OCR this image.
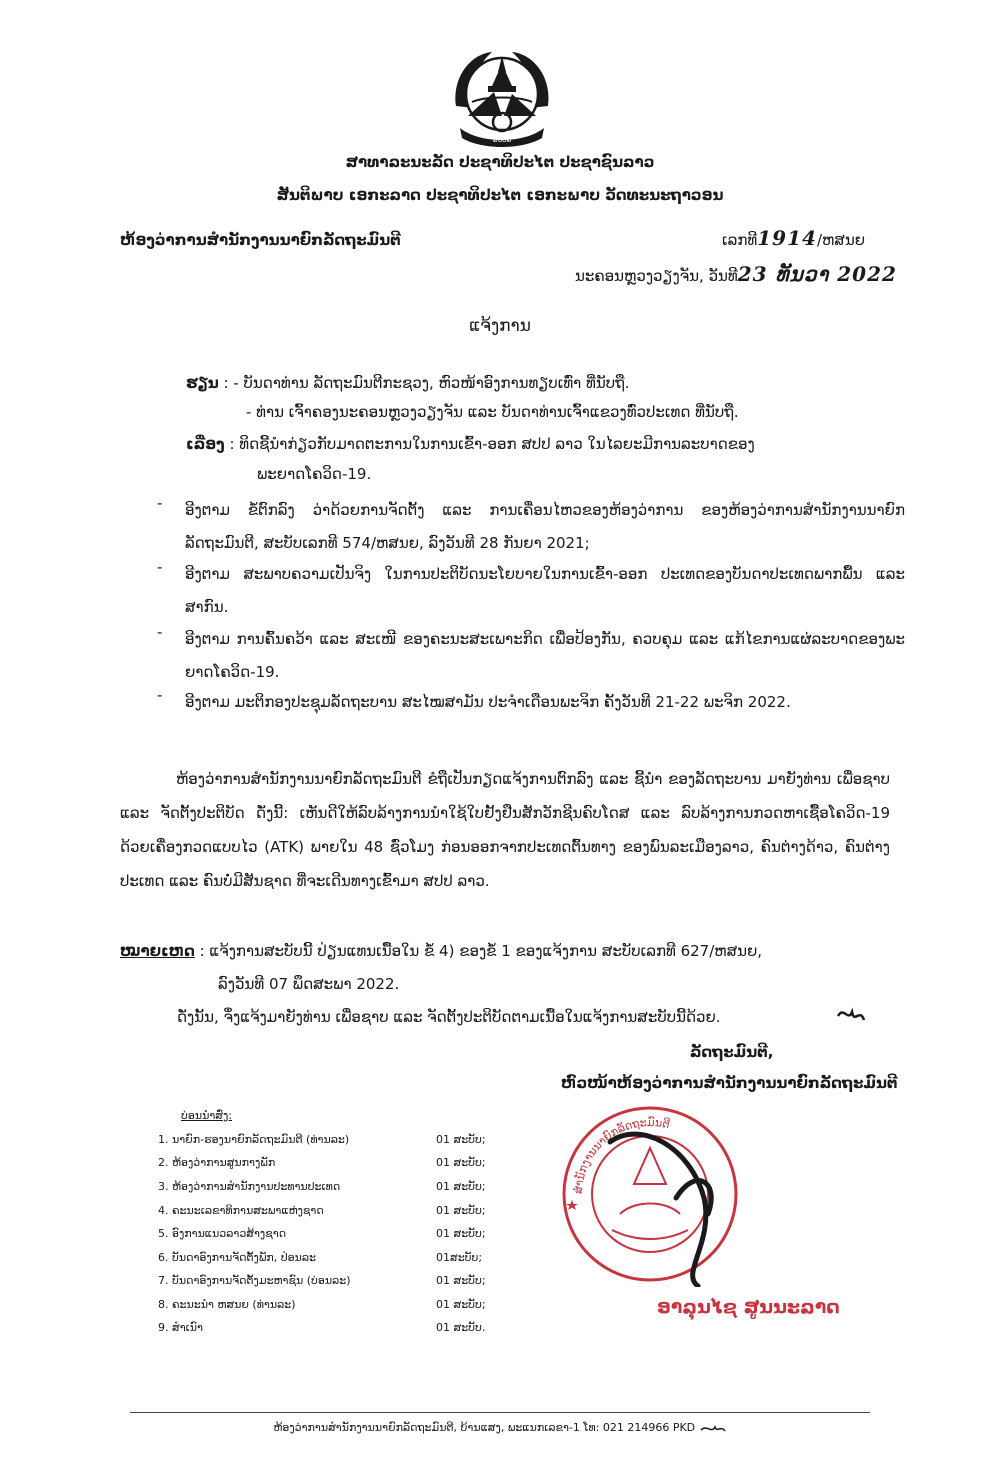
ສປປລ
ສາທາລະນະລັດ ປະຊາທິປະໄຕ ປະຊາຊົນລາວ
ສັນຕິພາບ ເອກະລາດ ປະຊາທິປະໄຕ ເອກະພາບ ວັດທະນະຖາວອນ
ຫ້ອງວ່າການສຳນັກງານນາຍົກລັດຖະມົນຕີ	ເລກທີ1914/ຫສນຍ
ນະຄອນຫຼວງວຽງຈັນ, ວັນທີ23 ທັນວາ 2022
ແຈ້ງການ
ຮຽນ : - ບັນດາທ່ານ ລັດຖະມົນຕີກະຊວງ, ຫົວໜ້າອົງການທຽບເທົ່າ ທີ່ນັບຖື.
- ທ່ານ ເຈົ້າຄອງນະຄອນຫຼວງວຽງຈັນ ແລະ ບັນດາທ່ານເຈົ້າແຂວງທົ່ວປະເທດ ທີ່ນັບຖື.
ເລື່ອງ : ທິດຊີ້ນຳກ່ຽວກັບມາດຕະການໃນການເຂົ້າ-ອອກ ສປປ ລາວ ໃນໄລຍະມີການລະບາດຂອງ
ພະຍາດໂຄວິດ-19.
- ອີງຕາມ ຂໍ້ຕົກລົງ ວ່າດ້ວຍການຈັດຕັ້ງ ແລະ ການເຄື່ອນໄຫວຂອງຫ້ອງວ່າການ ຂອງຫ້ອງວ່າການສຳນັກງານນາຍົກລັດຖະມົນຕີ, ສະບັບເລກທີ 574/ຫສນຍ, ລົງວັນທີ 28 ກັນຍາ 2021;
- ອີງຕາມ ສະພາບຄວາມເປັນຈິງ ໃນການປະຕິບັດນະໂຍບາຍໃນການເຂົ້າ-ອອກ ປະເທດຂອງບັນດາປະເທດພາກພື້ນ ແລະ ສາກົນ.
- ອີງຕາມ ການຄົ້ນຄວ້າ ແລະ ສະເໜີ ຂອງຄະນະສະເພາະກິດ ເພື່ອປ້ອງກັນ, ຄວບຄຸມ ແລະ ແກ້ໄຂການແຜ່ລະບາດຂອງພະຍາດໂຄວິດ-19.
- ອີງຕາມ ມະຕິກອງປະຊຸມລັດຖະບານ ສະໄໝສາມັນ ປະຈຳເດືອນພະຈິກ ຄັ້ງວັນທີ 21-22 ພະຈິກ 2022.
ຫ້ອງວ່າການສຳນັກງານນາຍົກລັດຖະມົນຕີ ຂໍຖືເປັນກຽດແຈ້ງການຕົກລົງ ແລະ ຊີ້ນຳ ຂອງລັດຖະບານ ມາຍັງທ່ານ ເພື່ອຊາບ ແລະ ຈັດຕັ້ງປະຕິບັດ ດັ່ງນີ້: ເຫັນດີໃຫ້ລົບລ້າງການນຳໃຊ້ໃບຢັ້ງຢືນສັກວັກຊີນຄົບໂດສ ແລະ ລົບລ້າງການກວດຫາເຊື້ອໂຄວິດ-19 ດ້ວຍເຄື່ອງກວດແບບໄວ (ATK) ພາຍໃນ 48 ຊົ່ວໂມງ ກ່ອນອອກຈາກປະເທດຕົ້ນທາງ ຂອງພົນລະເມືອງລາວ, ຄົນຕ່າງດ້າວ, ຄົນຕ່າງປະເທດ ແລະ ຄົນບໍ່ມີສັນຊາດ ທີ່ຈະເດີນທາງເຂົ້າມາ ສປປ ລາວ.
ໝາຍເຫດ : ແຈ້ງການສະບັບນີ້ ປ່ຽນແທນເນື້ອໃນ ຂໍ້ 4) ຂອງຂໍ້ 1 ຂອງແຈ້ງການ ສະບັບເລກທີ 627/ຫສນຍ,
ລົງວັນທີ 07 ພຶດສະພາ 2022.
ດັ່ງນັ້ນ, ຈຶ່ງແຈ້ງມາຍັງທ່ານ ເພື່ອຊາບ ແລະ ຈັດຕັ້ງປະຕິບັດຕາມເນື້ອໃນແຈ້ງການສະບັບນີ້ດ້ວຍ.
ລັດຖະມົນຕີ,
ຫົວໜ້າຫ້ອງວ່າການສຳນັກງານນາຍົກລັດຖະມົນຕີ
ສຳນັກງານນາຍົກລັດຖະມົນຕີ
ອາລຸນໄຊ ສູນນະລາດ
ບ່ອນນຳສົ່ງ:
1. ນາຍົກ-ຮອງນາຍົກລັດຖະມົນຕີ (ທ່ານລະ)	01 ສະບັບ;
2. ຫ້ອງວ່າການສູນກາງພັກ	01 ສະບັບ;
3. ຫ້ອງວ່າການສຳນັກງານປະທານປະເທດ	01 ສະບັບ;
4. ຄະນະເລຂາທິການສະພາແຫ່ງຊາດ	01 ສະບັບ;
5. ອົງການແນວລາວສ້າງຊາດ	01 ສະບັບ;
6. ບັນດາອົງການຈັດຕັ້ງພັກ, ປ່ອນລະ	01ສະບັບ;
7. ບັນດາອົງການຈັດຕັ້ງມະຫາຊົນ (ບ່ອນລະ)	01 ສະບັບ;
8. ຄະນະນຳ ຫສນຍ (ທ່ານລະ)	01 ສະບັບ;
9. ສຳເນົາ	01 ສະບັບ.
ຫ້ອງວ່າການສຳນັກງານນາຍົກລັດຖະມົນຕີ, ບ້ານແສງ, ພະແນກເລຂາ-1 ໂທ: 021 214966 PKD
